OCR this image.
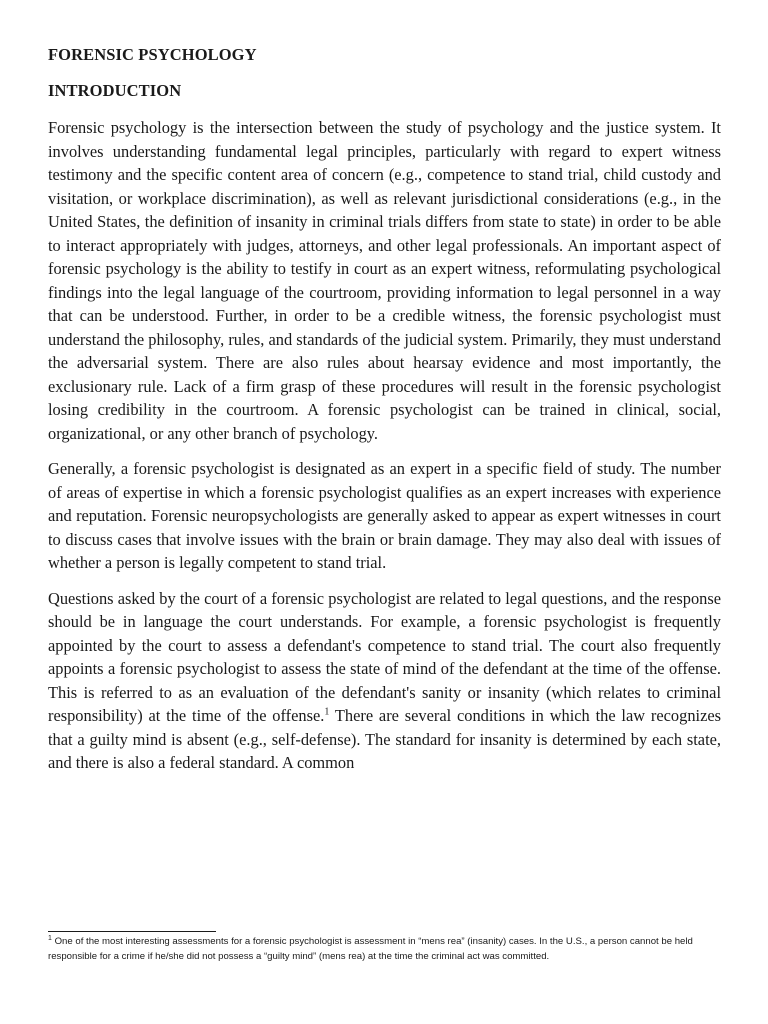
FORENSIC PSYCHOLOGY
INTRODUCTION

Forensic psychology is the intersection between the study of psychology and the justice system. It involves understanding fundamental legal principles, particularly with regard to expert witness testimony and the specific content area of concern (e.g., competence to stand trial, child custody and visitation, or workplace discrimination), as well as relevant jurisdictional considerations (e.g., in the United States, the definition of insanity in criminal trials differs from state to state) in order to be able to interact appropriately with judges, attorneys, and other legal professionals. An important aspect of forensic psychology is the ability to testify in court as an expert witness, reformulating psychological findings into the legal language of the courtroom, providing information to legal personnel in a way that can be understood. Further, in order to be a credible witness, the forensic psychologist must understand the philosophy, rules, and standards of the judicial system. Primarily, they must understand the adversarial system. There are also rules about hearsay evidence and most importantly, the exclusionary rule. Lack of a firm grasp of these procedures will result in the forensic psychologist losing credibility in the courtroom. A forensic psychologist can be trained in clinical, social, organizational, or any other branch of psychology.

Generally, a forensic psychologist is designated as an expert in a specific field of study. The number of areas of expertise in which a forensic psychologist qualifies as an expert increases with experience and reputation. Forensic neuropsychologists are generally asked to appear as expert witnesses in court to discuss cases that involve issues with the brain or brain damage. They may also deal with issues of whether a person is legally competent to stand trial.

Questions asked by the court of a forensic psychologist are related to legal questions, and the response should be in language the court understands. For example, a forensic psychologist is frequently appointed by the court to assess a defendant's competence to stand trial. The court also frequently appoints a forensic psychologist to assess the state of mind of the defendant at the time of the offense. This is referred to as an evaluation of the defendant's sanity or insanity (which relates to criminal responsibility) at the time of the offense.$^1$ There are several conditions in which the law recognizes that a guilty mind is absent (e.g., self-defense). The standard for insanity is determined by each state, and there is also a federal standard. A common

$^1$ One of the most interesting assessments for a forensic psychologist is assessment in “mens rea” (insanity) cases. In the U.S., a person cannot be held responsible for a crime if he/she did not possess a “guilty mind” (mens rea) at the time the criminal act was committed.
